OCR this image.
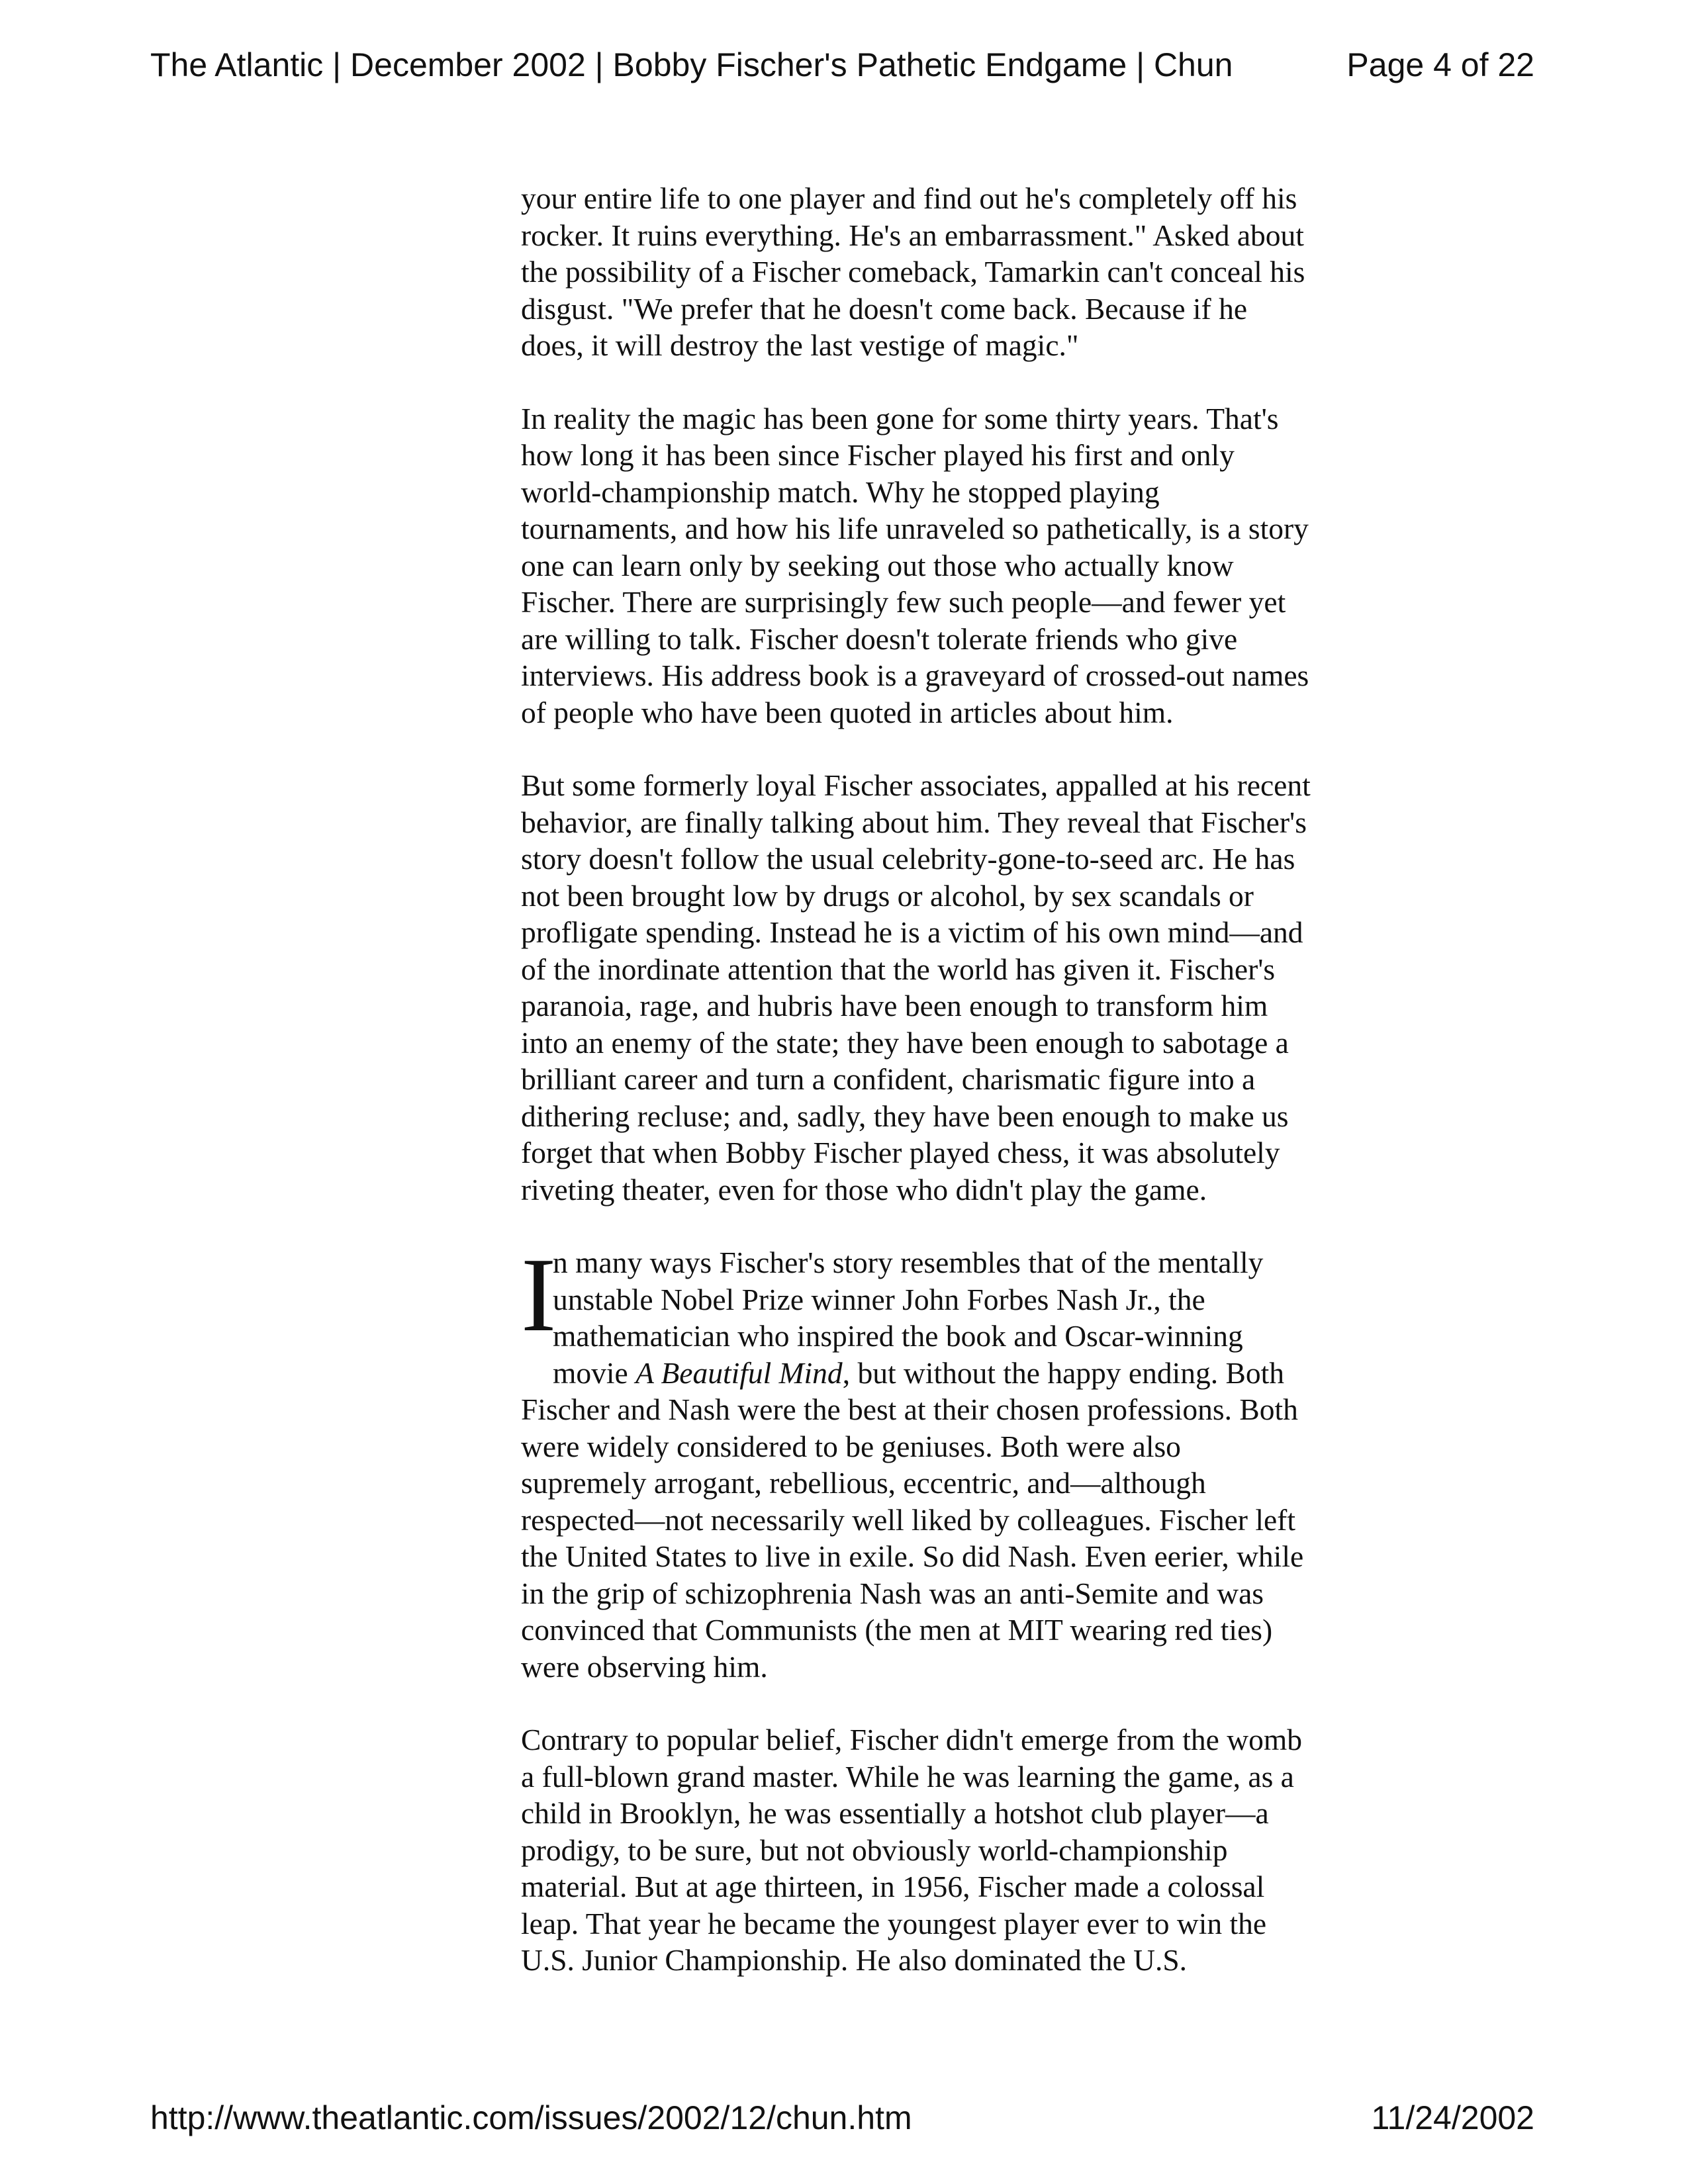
The Atlantic | December 2002 | Bobby Fischer's Pathetic Endgame | Chun	Page 4 of 22

your entire life to one player and find out he's completely off his
rocker. It ruins everything. He's an embarrassment." Asked about
the possibility of a Fischer comeback, Tamarkin can't conceal his
disgust. "We prefer that he doesn't come back. Because if he
does, it will destroy the last vestige of magic."

In reality the magic has been gone for some thirty years. That's
how long it has been since Fischer played his first and only
world-championship match. Why he stopped playing
tournaments, and how his life unraveled so pathetically, is a story
one can learn only by seeking out those who actually know
Fischer. There are surprisingly few such people—and fewer yet
are willing to talk. Fischer doesn't tolerate friends who give
interviews. His address book is a graveyard of crossed-out names
of people who have been quoted in articles about him.

But some formerly loyal Fischer associates, appalled at his recent
behavior, are finally talking about him. They reveal that Fischer's
story doesn't follow the usual celebrity-gone-to-seed arc. He has
not been brought low by drugs or alcohol, by sex scandals or
profligate spending. Instead he is a victim of his own mind—and
of the inordinate attention that the world has given it. Fischer's
paranoia, rage, and hubris have been enough to transform him
into an enemy of the state; they have been enough to sabotage a
brilliant career and turn a confident, charismatic figure into a
dithering recluse; and, sadly, they have been enough to make us
forget that when Bobby Fischer played chess, it was absolutely
riveting theater, even for those who didn't play the game.

I
n many ways Fischer's story resembles that of the mentally
unstable Nobel Prize winner John Forbes Nash Jr., the
mathematician who inspired the book and Oscar-winning
movie A Beautiful Mind, but without the happy ending. Both
Fischer and Nash were the best at their chosen professions. Both
were widely considered to be geniuses. Both were also
supremely arrogant, rebellious, eccentric, and—although
respected—not necessarily well liked by colleagues. Fischer left
the United States to live in exile. So did Nash. Even eerier, while
in the grip of schizophrenia Nash was an anti-Semite and was
convinced that Communists (the men at MIT wearing red ties)
were observing him.

Contrary to popular belief, Fischer didn't emerge from the womb
a full-blown grand master. While he was learning the game, as a
child in Brooklyn, he was essentially a hotshot club player—a
prodigy, to be sure, but not obviously world-championship
material. But at age thirteen, in 1956, Fischer made a colossal
leap. That year he became the youngest player ever to win the
U.S. Junior Championship. He also dominated the U.S.

http://www.theatlantic.com/issues/2002/12/chun.htm	11/24/2002
